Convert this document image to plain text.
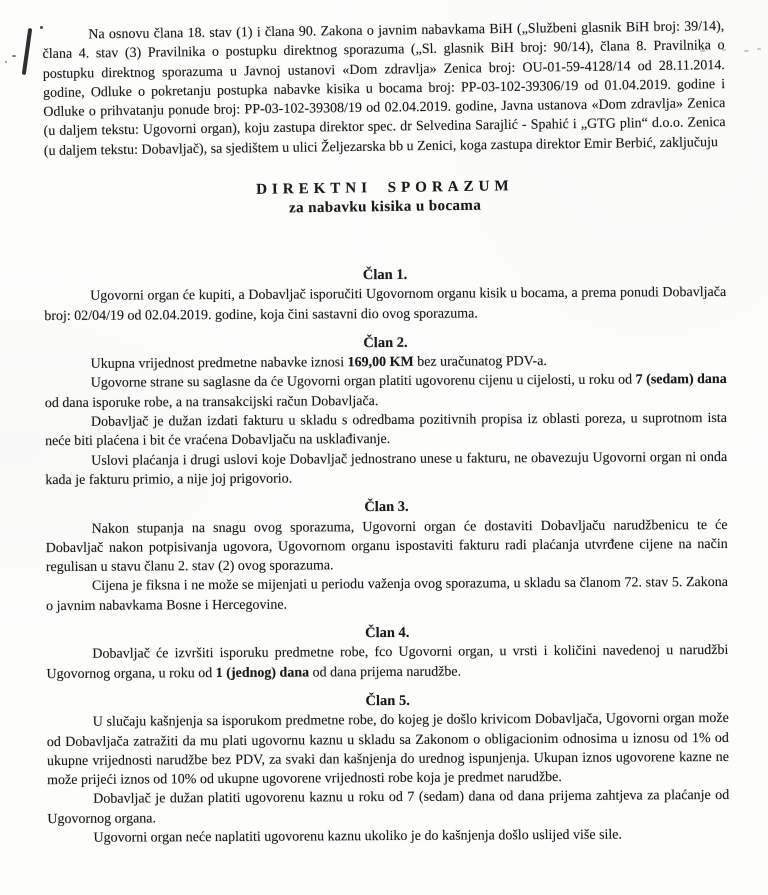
Na osnovu člana 18. stav (1) i člana 90. Zakona o javnim nabavkama BiH („Službeni glasnik BiH broj: 39/14), člana 4. stav (3) Pravilnika o postupku direktnog sporazuma („Sl. glasnik BiH broj: 90/14), člana 8. Pravilnika o postupku direktnog sporazuma u Javnoj ustanovi «Dom zdravlja» Zenica broj: OU-01-59-4128/14 od 28.11.2014. godine, Odluke o pokretanju postupka nabavke kisika u bocama broj: PP-03-102-39306/19 od 01.04.2019. godine i Odluke o prihvatanju ponude broj: PP-03-102-39308/19 od 02.04.2019. godine, Javna ustanova «Dom zdravlja» Zenica (u daljem tekstu: Ugovorni organ), koju zastupa direktor spec. dr Selvedina Sarajlić - Spahić i „GTG plin“ d.o.o. Zenica (u daljem tekstu: Dobavljač), sa sjedištem u ulici Željezarska bb u Zenici, koga zastupa direktor Emir Berbić, zaključuju

DIREKTNI SPORAZUM
za nabavku kisika u bocama
Član 1.

Ugovorni organ će kupiti, a Dobavljač isporučiti Ugovornom organu kisik u bocama, a prema ponudi Dobavljača broj: 02/04/19 od 02.04.2019. godine, koja čini sastavni dio ovog sporazuma.

Član 2.

Ukupna vrijednost predmetne nabavke iznosi 169,00 KM bez uračunatog PDV-a.

Ugovorne strane su saglasne da će Ugovorni organ platiti ugovorenu cijenu u cijelosti, u roku od 7 (sedam) dana od dana isporuke robe, a na transakcijski račun Dobavljača.

Dobavljač je dužan izdati fakturu u skladu s odredbama pozitivnih propisa iz oblasti poreza, u suprotnom ista neće biti plaćena i bit će vraćena Dobavljaču na usklađivanje.

Uslovi plaćanja i drugi uslovi koje Dobavljač jednostrano unese u fakturu, ne obavezuju Ugovorni organ ni onda kada je fakturu primio, a nije joj prigovorio.

Član 3.

Nakon stupanja na snagu ovog sporazuma, Ugovorni organ će dostaviti Dobavljaču narudžbenicu te će Dobavljač nakon potpisivanja ugovora, Ugovornom organu ispostaviti fakturu radi plaćanja utvrđene cijene na način regulisan u stavu članu 2. stav (2) ovog sporazuma.

Cijena je fiksna i ne može se mijenjati u periodu važenja ovog sporazuma, u skladu sa članom 72. stav 5. Zakona o javnim nabavkama Bosne i Hercegovine.

Član 4.

Dobavljač će izvršiti isporuku predmetne robe, fco Ugovorni organ, u vrsti i količini navedenoj u narudžbi Ugovornog organa, u roku od 1 (jednog) dana od dana prijema narudžbe.

Član 5.

U slučaju kašnjenja sa isporukom predmetne robe, do kojeg je došlo krivicom Dobavljača, Ugovorni organ može od Dobavljača zatražiti da mu plati ugovornu kaznu u skladu sa Zakonom o obligacionim odnosima u iznosu od 1% od ukupne vrijednosti narudžbe bez PDV, za svaki dan kašnjenja do urednog ispunjenja. Ukupan iznos ugovorene kazne ne može prijeći iznos od 10% od ukupne ugovorene vrijednosti robe koja je predmet narudžbe.

Dobavljač je dužan platiti ugovorenu kaznu u roku od 7 (sedam) dana od dana prijema zahtjeva za plaćanje od Ugovornog organa.

Ugovorni organ neće naplatiti ugovorenu kaznu ukoliko je do kašnjenja došlo uslijed više sile.
